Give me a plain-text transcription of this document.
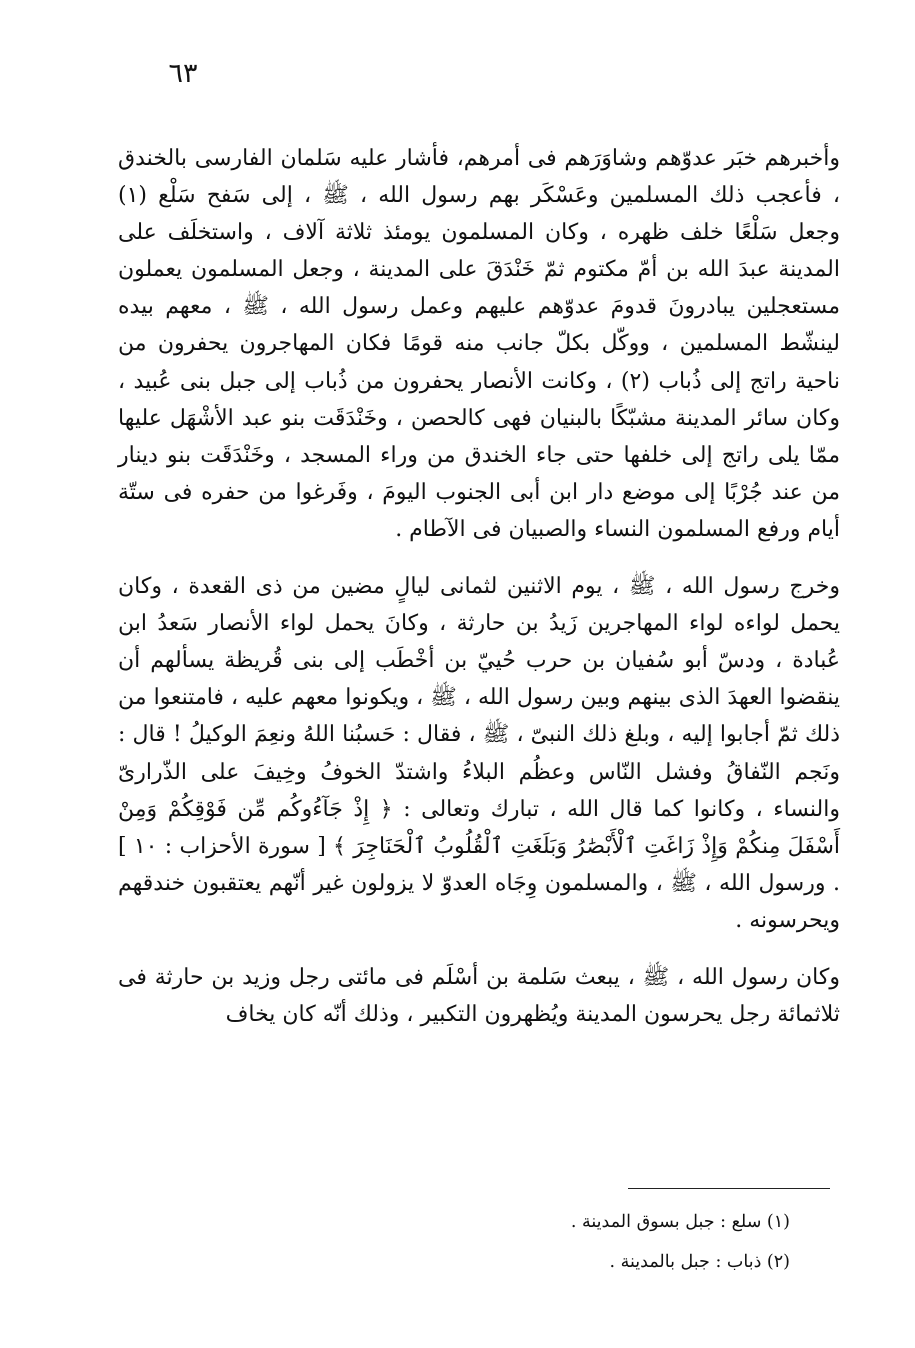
٦٣

وأخبرهم خبَر عدوّهم وشاوَرَهم فى أمرهم، فأشار عليه سَلمان الفارسى بالخندق ، فأعجب ذلك المسلمين وعَسْكَر بهم رسول الله ، ﷺ ، إلى سَفح سَلْع (١) وجعل سَلْعًا خلف ظهره ، وكان المسلمون يومئذ ثلاثة آلاف ، واستخلَف على المدينة عبدَ الله بن أمّ مكتوم ثمّ خَنْدَقَ على المدينة ، وجعل المسلمون يعملون مستعجلين يبادرونَ قدومَ عدوّهم عليهم وعمل رسول الله ، ﷺ ، معهم بيده لينشّط المسلمين ، ووكّل بكلّ جانب منه قومًا فكان المهاجرون يحفرون من ناحية راتج إلى ذُباب (٢) ، وكانت الأنصار يحفرون من ذُباب إلى جبل بنى عُبيد ، وكان سائر المدينة مشبّكًا بالبنيان فهى كالحصن ، وخَنْدَقَت بنو عبد الأشْهَل عليها ممّا يلى راتج إلى خلفها حتى جاء الخندق من وراء المسجد ، وخَنْدَقَت بنو دينار من عند جُرْبًا إلى موضع دار ابن أبى الجنوب اليومَ ، وفَرغوا من حفره فى ستّة أيام ورفع المسلمون النساء والصبيان فى الآطام .

وخرج رسول الله ، ﷺ ، يوم الاثنين لثمانى ليالٍ مضين من ذى القعدة ، وكان يحمل لواءه لواء المهاجرين زَيدُ بن حارثة ، وكانَ يحمل لواء الأنصار سَعدُ ابن عُبادة ، ودسّ أبو سُفيان بن حرب حُييّ بن أخْطَب إلى بنى قُريظة يسألهم أن ينقضوا العهدَ الذى بينهم وبين رسول الله ، ﷺ ، ويكونوا معهم عليه ، فامتنعوا من ذلك ثمّ أجابوا إليه ، وبلغ ذلك النبىّ ، ﷺ ، فقال : حَسبُنا اللهُ ونعِمَ الوكيلُ ! قال : ونَجم النّفاقُ وفشل النّاس وعظُم البلاءُ واشتدّ الخوفُ وخِيفَ على الذّرارىّ والنساء ، وكانوا كما قال الله ، تبارك وتعالى : ﴿ إِذْ جَآءُوكُم مِّن فَوْقِكُمْ وَمِنْ أَسْفَلَ مِنكُمْ وَإِذْ زَاغَتِ ٱلْأَبْصَٰرُ وَبَلَغَتِ ٱلْقُلُوبُ ٱلْحَنَاجِرَ ﴾ [ سورة الأحزاب : ١٠ ] . ورسول الله ، ﷺ ، والمسلمون وِجَاه العدوّ لا يزولون غير أنّهم يعتقبون خندقهم ويحرسونه .

وكان رسول الله ، ﷺ ، يبعث سَلمة بن أسْلَم فى مائتى رجل وزيد بن حارثة فى ثلاثمائة رجل يحرسون المدينة ويُظهرون التكبير ، وذلك أنّه كان يخاف

(١) سلع : جبل بسوق المدينة .

(٢) ذباب : جبل بالمدينة .
